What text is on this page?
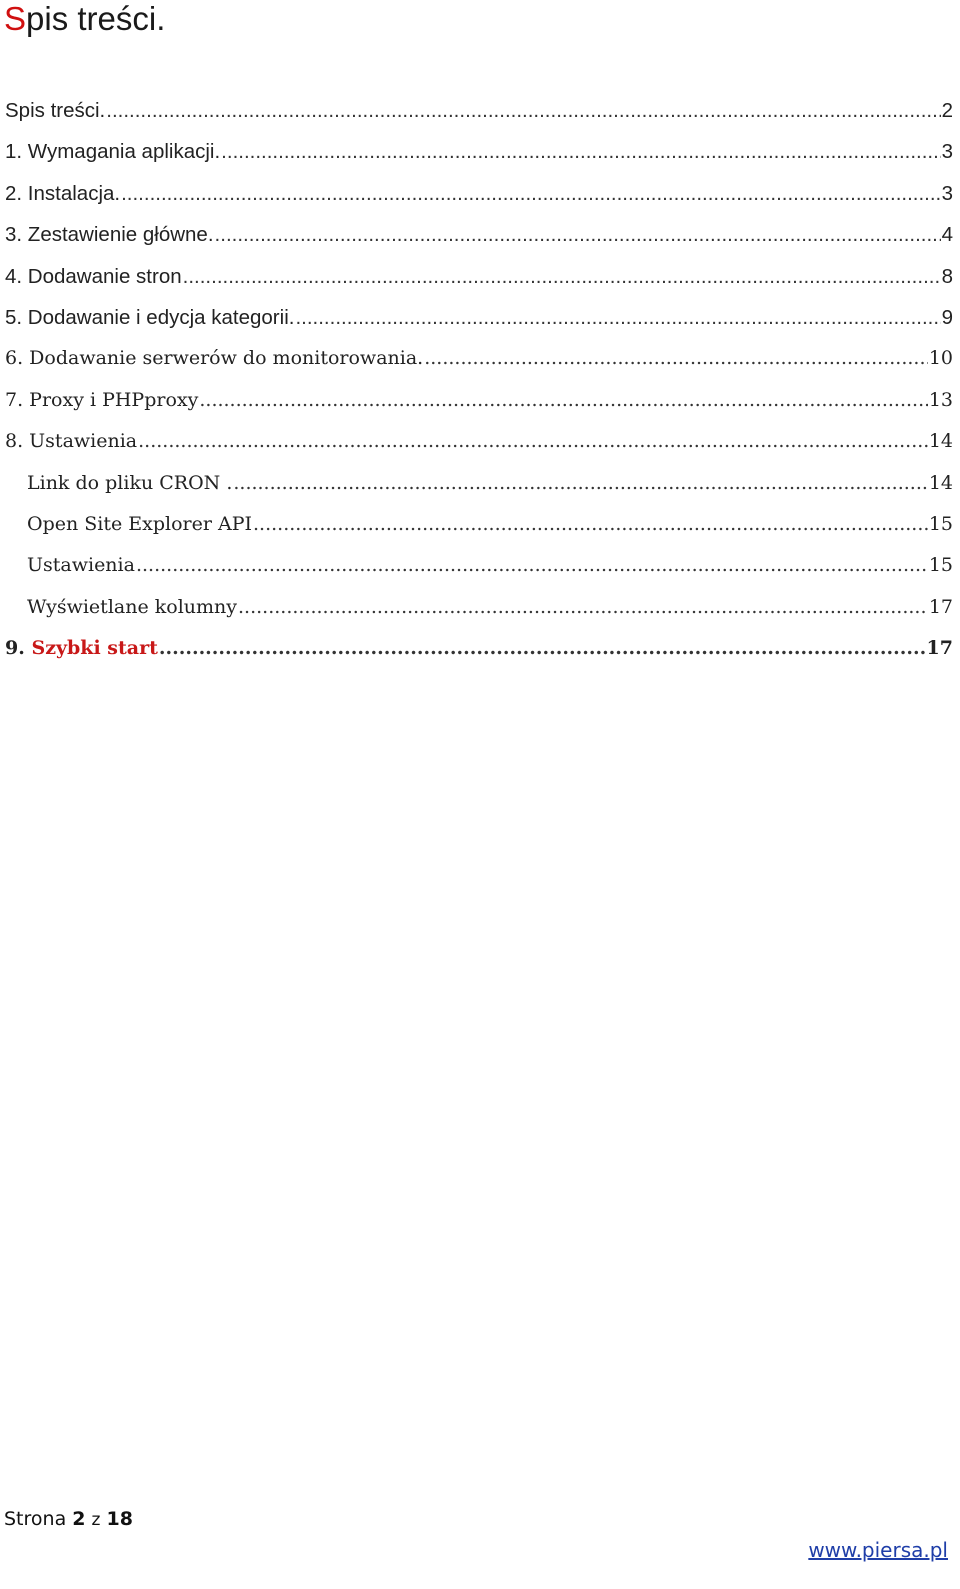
Spis treści.
Spis treści. .....	2
1. Wymagania aplikacji. .....	3
2. Instalacja. .....	3
3. Zestawienie główne. .....	4
4. Dodawanie stron .....	8
5. Dodawanie i edycja kategorii. .....	9
6. Dodawanie serwerów do monitorowania. .....	10
7. Proxy i PHPproxy .....	13
8. Ustawienia .....	14
Link do pliku CRON . .....	14
Open Site Explorer API .....	15
Ustawienia .....	15
Wyświetlane kolumny .....	17
9. Szybki start .....	17
Strona 2 z 18
www.piersa.pl
